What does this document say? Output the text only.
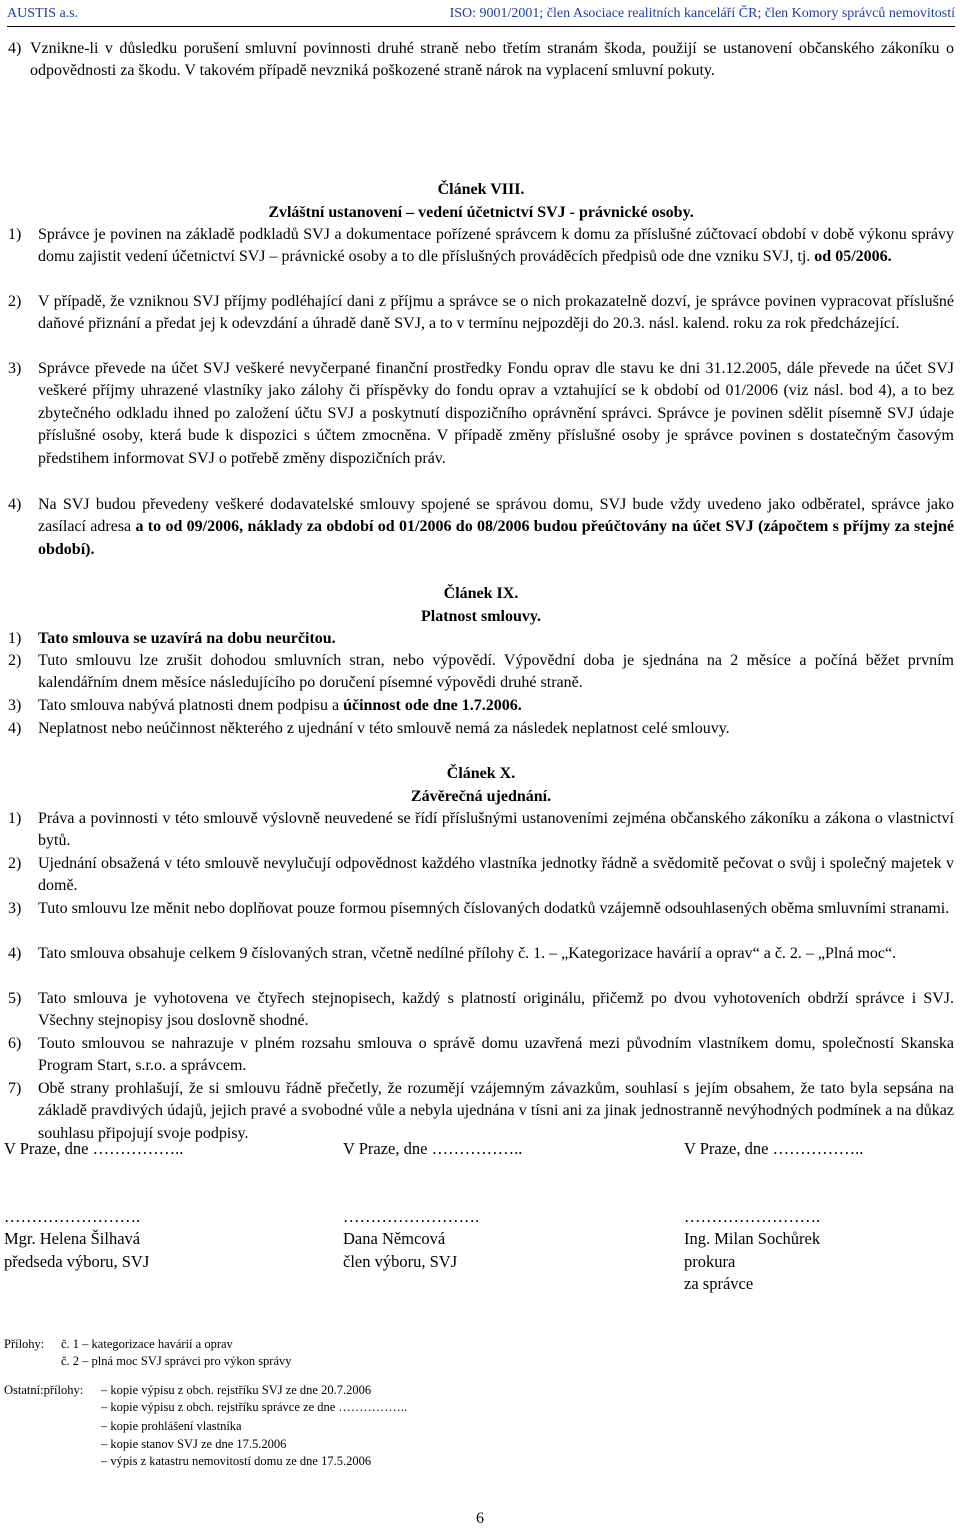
AUSTIS a.s.	ISO: 9001/2001; člen Asociace realitních kanceláří ČR; člen Komory správců nemovitostí
4) Vznikne-li v důsledku porušení smluvní povinnosti druhé straně nebo třetím stranám škoda, použijí se ustanovení občanského zákoníku o odpovědnosti za škodu. V takovém případě nevzniká poškozené straně nárok na vyplacení smluvní pokuty.
Článek VIII.
Zvláštní ustanovení – vedení účetnictví SVJ - právnické osoby.
1) Správce je povinen na základě podkladů SVJ a dokumentace pořízené správcem k domu za příslušné zúčtovací období v době výkonu správy domu zajistit vedení účetnictví SVJ – právnické osoby a to dle příslušných prováděcích předpisů ode dne vzniku SVJ, tj. od 05/2006.
2) V případě, že vzniknou SVJ příjmy podléhající dani z příjmu a správce se o nich prokazatelně dozví, je správce povinen vypracovat příslušné daňové přiznání a předat jej k odevzdání a úhradě daně SVJ, a to v termínu nejpozději do 20.3. násl. kalend. roku za rok předcházející.
3) Správce převede na účet SVJ veškeré nevyčerpané finanční prostředky Fondu oprav dle stavu ke dni 31.12.2005, dále převede na účet SVJ veškeré příjmy uhrazené vlastníky jako zálohy či příspěvky do fondu oprav a vztahující se k období od 01/2006 (viz násl. bod 4), a to bez zbytečného odkladu ihned po založení účtu SVJ a poskytnutí dispozičního oprávnění správci. Správce je povinen sdělit písemně SVJ údaje příslušné osoby, která bude k dispozici s účtem zmocněna. V případě změny příslušné osoby je správce povinen s dostatečným časovým předstihem informovat SVJ o potřebě změny dispozičních práv.
4) Na SVJ budou převedeny veškeré dodavatelské smlouvy spojené se správou domu, SVJ bude vždy uvedeno jako odběratel, správce jako zasílací adresa a to od 09/2006, náklady za období od 01/2006 do 08/2006 budou přeúčtovány na účet SVJ (zápočtem s příjmy za stejné období).
Článek IX.
Platnost smlouvy.
1) Tato smlouva se uzavírá na dobu neurčitou.
2) Tuto smlouvu lze zrušit dohodou smluvních stran, nebo výpovědí. Výpovědní doba je sjednána na 2 měsíce a počíná běžet prvním kalendářním dnem měsíce následujícího po doručení písemné výpovědi druhé straně.
3) Tato smlouva nabývá platnosti dnem podpisu a účinnost ode dne 1.7.2006.
4) Neplatnost nebo neúčinnost některého z ujednání v této smlouvě nemá za následek neplatnost celé smlouvy.
Článek X.
Závěrečná ujednání.
1) Práva a povinnosti v této smlouvě výslovně neuvedené se řídí příslušnými ustanoveními zejména občanského zákoníku a zákona o vlastnictví bytů.
2) Ujednání obsažená v této smlouvě nevylučují odpovědnost každého vlastníka jednotky řádně a svědomitě pečovat o svůj i společný majetek v domě.
3) Tuto smlouvu lze měnit nebo doplňovat pouze formou písemných číslovaných dodatků vzájemně odsouhlasených oběma smluvními stranami.
4) Tato smlouva obsahuje celkem 9 číslovaných stran, včetně nedílné přílohy č. 1. – „Kategorizace havárií a oprav“ a č. 2. – „Plná moc“.
5) Tato smlouva je vyhotovena ve čtyřech stejnopisech, každý s platností originálu, přičemž po dvou vyhotoveních obdrží správce i SVJ. Všechny stejnopisy jsou doslovně shodné.
6) Touto smlouvou se nahrazuje v plném rozsahu smlouva o správě domu uzavřená mezi původním vlastníkem domu, společností Skanska Program Start, s.r.o. a správcem.
7) Obě strany prohlašují, že si smlouvu řádně přečetly, že rozumějí vzájemným závazkům, souhlasí s jejím obsahem, že tato byla sepsána na základě pravdivých údajů, jejich pravé a svobodné vůle a nebyla ujednána v tísni ani za jinak jednostranně nevýhodných podmínek a na důkaz souhlasu připojují svoje podpisy.
V Praze, dne ……………..
…………………….
Mgr. Helena Šilhavá
předseda výboru, SVJ
V Praze, dne ……………..
…………………….
Dana Němcová
člen výboru, SVJ
V Praze, dne ……………..
…………………….
Ing. Milan Sochůrek
prokura
za správce
Přílohy: č. 1 – kategorizace havárií a oprav
č. 2 – plná moc SVJ správci pro výkon správy
Ostatní:přílohy: – kopie výpisu z obch. rejstříku SVJ ze dne 20.7.2006
– kopie výpisu z obch. rejstříku správce ze dne ……………..
– kopie prohlášení vlastníka
– kopie stanov SVJ ze dne 17.5.2006
– výpis z katastru nemovitostí domu ze dne 17.5.2006
6
